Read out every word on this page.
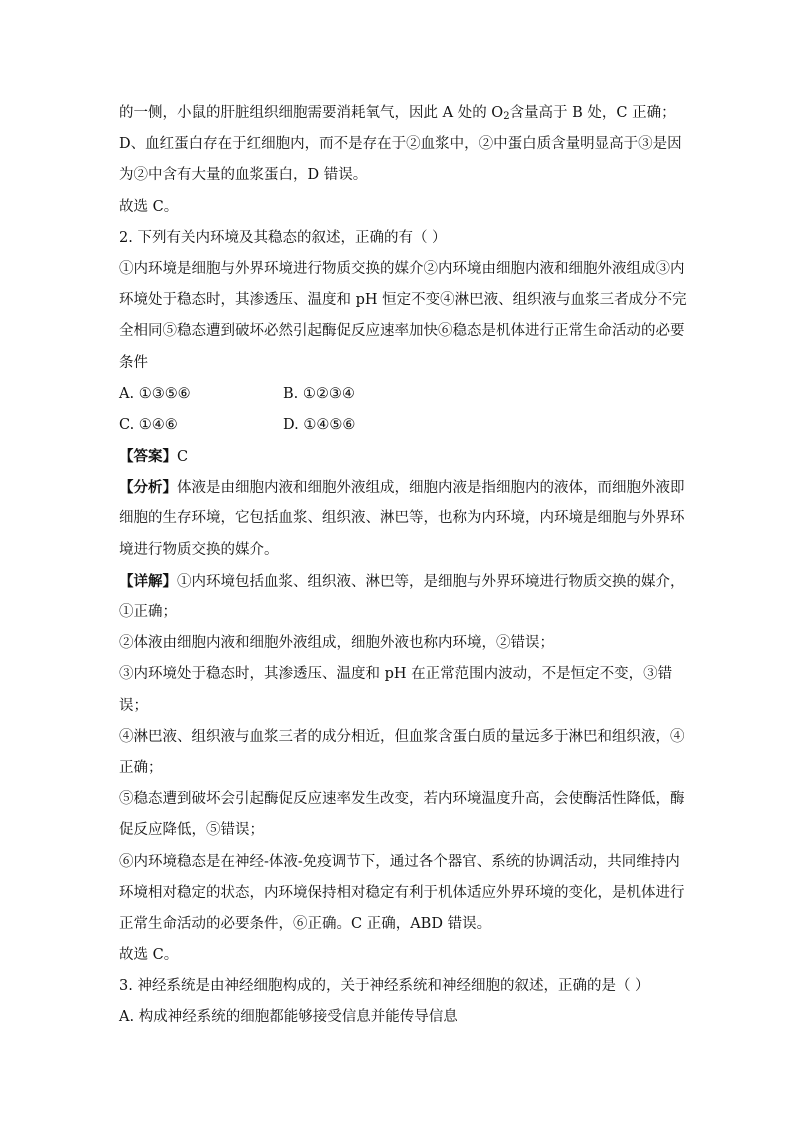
的一侧，小鼠的肝脏组织细胞需要消耗氧气，因此 A 处的 $O_2$含量高于 B 处，C 正确；
D、血红蛋白存在于红细胞内，而不是存在于②血浆中，②中蛋白质含量明显高于③是因
为②中含有大量的血浆蛋白，D 错误。
故选 C。
2. 下列有关内环境及其稳态的叙述，正确的有（ ）
①内环境是细胞与外界环境进行物质交换的媒介②内环境由细胞内液和细胞外液组成③内
环境处于稳态时，其渗透压、温度和 pH 恒定不变④淋巴液、组织液与血浆三者成分不完
全相同⑤稳态遭到破坏必然引起酶促反应速率加快⑥稳态是机体进行正常生命活动的必要
条件
A. ①③⑤⑥	B. ①②③④
C. ①④⑥	D. ①④⑤⑥
【答案】C
【分析】体液是由细胞内液和细胞外液组成，细胞内液是指细胞内的液体，而细胞外液即
细胞的生存环境，它包括血浆、组织液、淋巴等，也称为内环境，内环境是细胞与外界环
境进行物质交换的媒介。
【详解】①内环境包括血浆、组织液、淋巴等，是细胞与外界环境进行物质交换的媒介，
①正确；
②体液由细胞内液和细胞外液组成，细胞外液也称内环境，②错误；
③内环境处于稳态时，其渗透压、温度和 pH 在正常范围内波动，不是恒定不变，③错
误；
④淋巴液、组织液与血浆三者的成分相近，但血浆含蛋白质的量远多于淋巴和组织液，④
正确；
⑤稳态遭到破坏会引起酶促反应速率发生改变，若内环境温度升高，会使酶活性降低，酶
促反应降低，⑤错误；
⑥内环境稳态是在神经-体液-免疫调节下，通过各个器官、系统的协调活动，共同维持内
环境相对稳定的状态，内环境保持相对稳定有利于机体适应外界环境的变化，是机体进行
正常生命活动的必要条件，⑥正确。C 正确，ABD 错误。
故选 C。
3. 神经系统是由神经细胞构成的，关于神经系统和神经细胞的叙述，正确的是（ ）
A. 构成神经系统的细胞都能够接受信息并能传导信息
